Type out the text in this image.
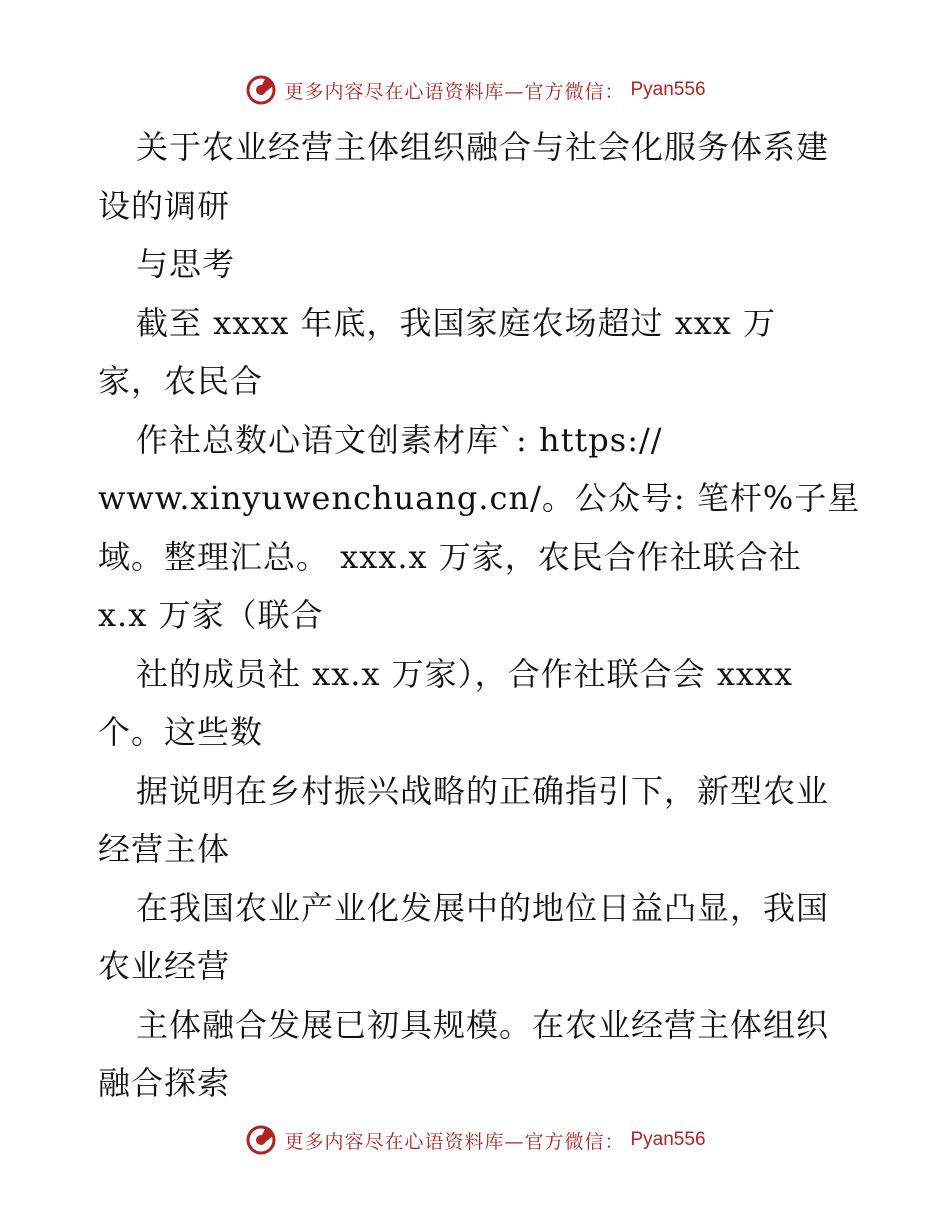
更多内容尽在心语资料库—官方微信： Pyan556
关于农业经营主体组织融合与社会化服务体系建
设的调研
与思考
截至 xxxx 年底，我国家庭农场超过 xxx 万
家，农民合
作社总数心语文创素材库`: https://
www.xinyuwenchuang.cn/。公众号: 笔杆%子星
域。整理汇总。 xxx.x 万家，农民合作社联合社
x.x 万家（联合
社的成员社 xx.x 万家），合作社联合会 xxxx
个。这些数
据说明在乡村振兴战略的正确指引下，新型农业
经营主体
在我国农业产业化发展中的地位日益凸显，我国
农业经营
主体融合发展已初具规模。在农业经营主体组织
融合探索
更多内容尽在心语资料库—官方微信： Pyan556
